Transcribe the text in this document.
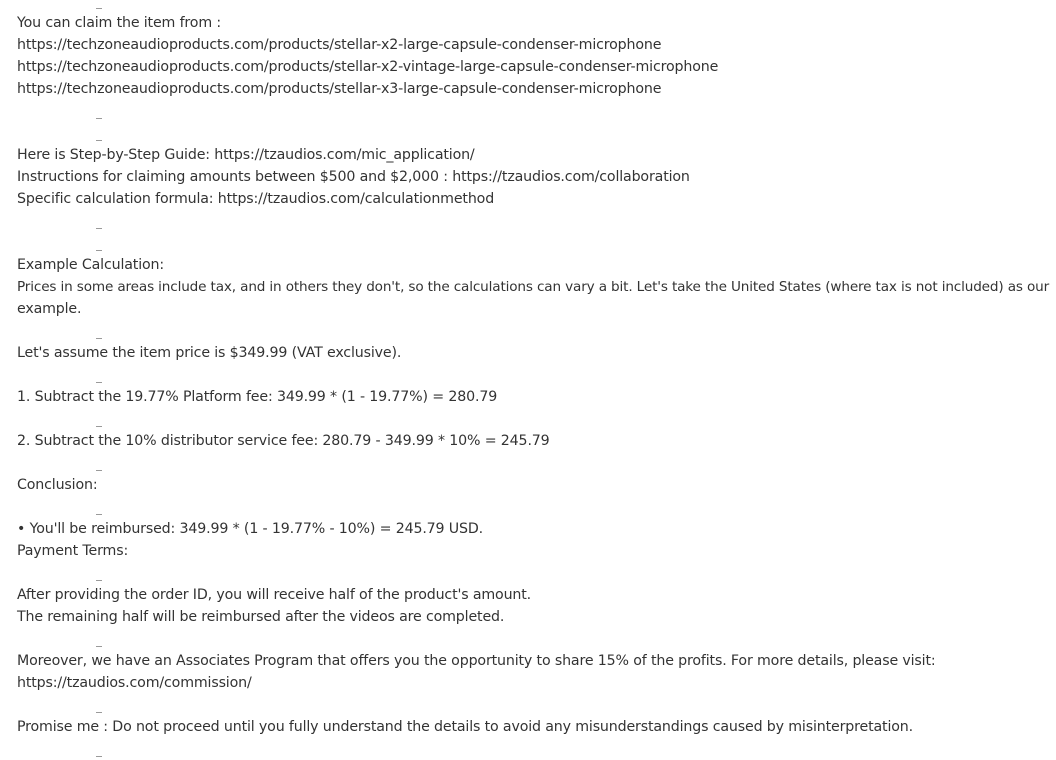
You can claim the item from :
https://techzoneaudioproducts.com/products/stellar-x2-large-capsule-condenser-microphone
https://techzoneaudioproducts.com/products/stellar-x2-vintage-large-capsule-condenser-microphone
https://techzoneaudioproducts.com/products/stellar-x3-large-capsule-condenser-microphone
Here is Step-by-Step Guide: https://tzaudios.com/mic_application/
Instructions for claiming amounts between $500 and $2,000 : https://tzaudios.com/collaboration
Specific calculation formula: https://tzaudios.com/calculationmethod
Example Calculation:
Prices in some areas include tax, and in others they don't, so the calculations can vary a bit. Let's take the United States (where tax is not included) as our
example.
Let's assume the item price is $349.99 (VAT exclusive).
1. Subtract the 19.77% Platform fee: 349.99 * (1 - 19.77%) = 280.79
2. Subtract the 10% distributor service fee: 280.79 - 349.99 * 10% = 245.79
Conclusion:
• You'll be reimbursed: 349.99 * (1 - 19.77% - 10%) = 245.79 USD.
Payment Terms:
After providing the order ID, you will receive half of the product's amount.
The remaining half will be reimbursed after the videos are completed.
Moreover, we have an Associates Program that offers you the opportunity to share 15% of the profits. For more details, please visit:
https://tzaudios.com/commission/
Promise me : Do not proceed until you fully understand the details to avoid any misunderstandings caused by misinterpretation.
